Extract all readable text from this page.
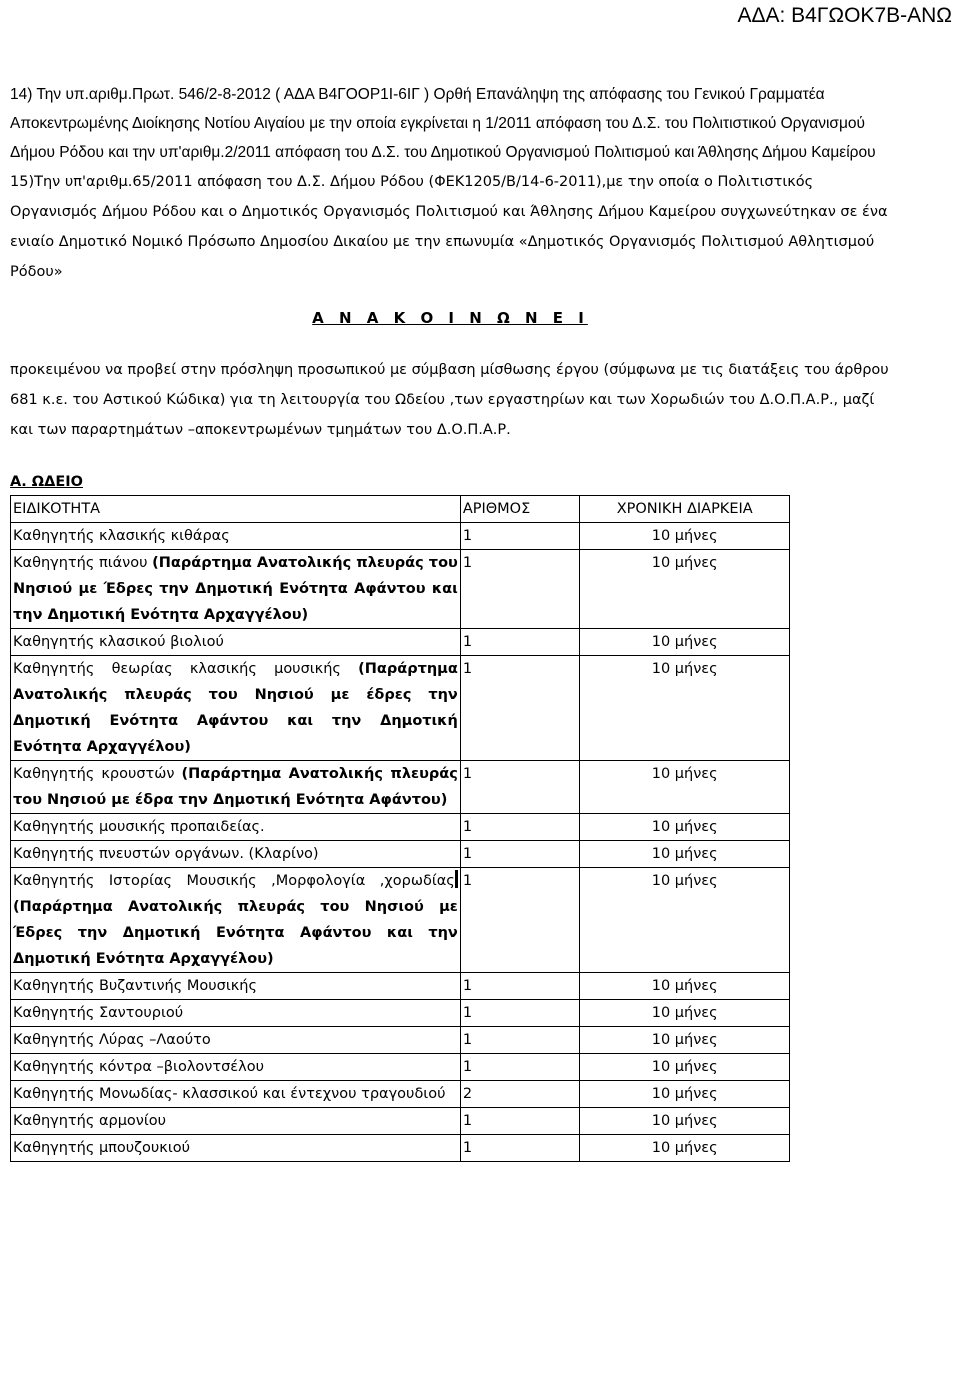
ΑΔΑ: Β4ΓΩΟΚ7Β-ΑΝΩ

14) Την υπ.αριθμ.Πρωτ. 546/2-8-2012 ( ΑΔΑ Β4ΓΟΟΡ1Ι-6ΙΓ ) Ορθή Επανάληψη της απόφασης του Γενικού Γραμματέα Αποκεντρωμένης Διοίκησης Νοτίου Αιγαίου με την οποία εγκρίνεται η 1/2011 απόφαση του Δ.Σ. του Πολιτιστικού Οργανισμού Δήμου Ρόδου και την υπ'αριθμ.2/2011 απόφαση του Δ.Σ. του Δημοτικού Οργανισμού Πολιτισμού και Άθλησης Δήμου Καμείρου

15)Την υπ'αριθμ.65/2011 απόφαση του Δ.Σ. Δήμου Ρόδου (ΦΕΚ1205/Β/14-6-2011),με την οποία ο Πολιτιστικός Οργανισμός Δήμου Ρόδου και ο Δημοτικός Οργανισμός Πολιτισμού και Άθλησης Δήμου Καμείρου συγχωνεύτηκαν σε ένα ενιαίο Δημοτικό Νομικό Πρόσωπο Δημοσίου Δικαίου με την επωνυμία «Δημοτικός Οργανισμός Πολιτισμού Αθλητισμού Ρόδου»

Α Ν Α Κ Ο Ι Ν Ω Ν Ε Ι

προκειμένου να προβεί στην πρόσληψη προσωπικού με σύμβαση μίσθωσης έργου (σύμφωνα με τις διατάξεις του άρθρου 681 κ.ε. του Αστικού Κώδικα) για τη λειτουργία του Ωδείου ,των εργαστηρίων και των Χορωδιών του Δ.Ο.Π.Α.Ρ., μαζί και των παραρτημάτων –αποκεντρωμένων τμημάτων του Δ.Ο.Π.Α.Ρ.

Α. ΩΔΕΙΟ
ΕΙΔΙΚΟΤΗΤΑ	ΑΡΙΘΜΟΣ	ΧΡΟΝΙΚΗ ΔΙΑΡΚΕΙΑ
Καθηγητής κλασικής κιθάρας	1	10 μήνες
Καθηγητής πιάνου (Παράρτημα Ανατολικής πλευράς του Νησιού με Έδρες την Δημοτική Ενότητα Αφάντου και την Δημοτική Ενότητα Αρχαγγέλου)	1	10 μήνες
Καθηγητής κλασικού βιολιού	1	10 μήνες
Καθηγητής θεωρίας κλασικής μουσικής (Παράρτημα Ανατολικής πλευράς του Νησιού με έδρες την Δημοτική Ενότητα Αφάντου και την Δημοτική Ενότητα Αρχαγγέλου)	1	10 μήνες
Καθηγητής κρουστών (Παράρτημα Ανατολικής πλευράς του Νησιού με έδρα την Δημοτική Ενότητα Αφάντου)	1	10 μήνες
Καθηγητής μουσικής προπαιδείας.	1	10 μήνες
Καθηγητής πνευστών οργάνων. (Κλαρίνο)	1	10 μήνες
Καθηγητής Ιστορίας Μουσικής ,Μορφολογία ,χορωδίας (Παράρτημα Ανατολικής πλευράς του Νησιού με Έδρες την Δημοτική Ενότητα Αφάντου και την Δημοτική Ενότητα Αρχαγγέλου)	1	10 μήνες
Καθηγητής Βυζαντινής Μουσικής	1	10 μήνες
Καθηγητής Σαντουριού	1	10 μήνες
Καθηγητής Λύρας –Λαούτο	1	10 μήνες
Καθηγητής κόντρα –βιολοντσέλου	1	10 μήνες
Καθηγητής Μονωδίας- κλασσικού και έντεχνου τραγουδιού	2	10 μήνες
Καθηγητής αρμονίου	1	10 μήνες
Καθηγητής μπουζουκιού	1	10 μήνες
